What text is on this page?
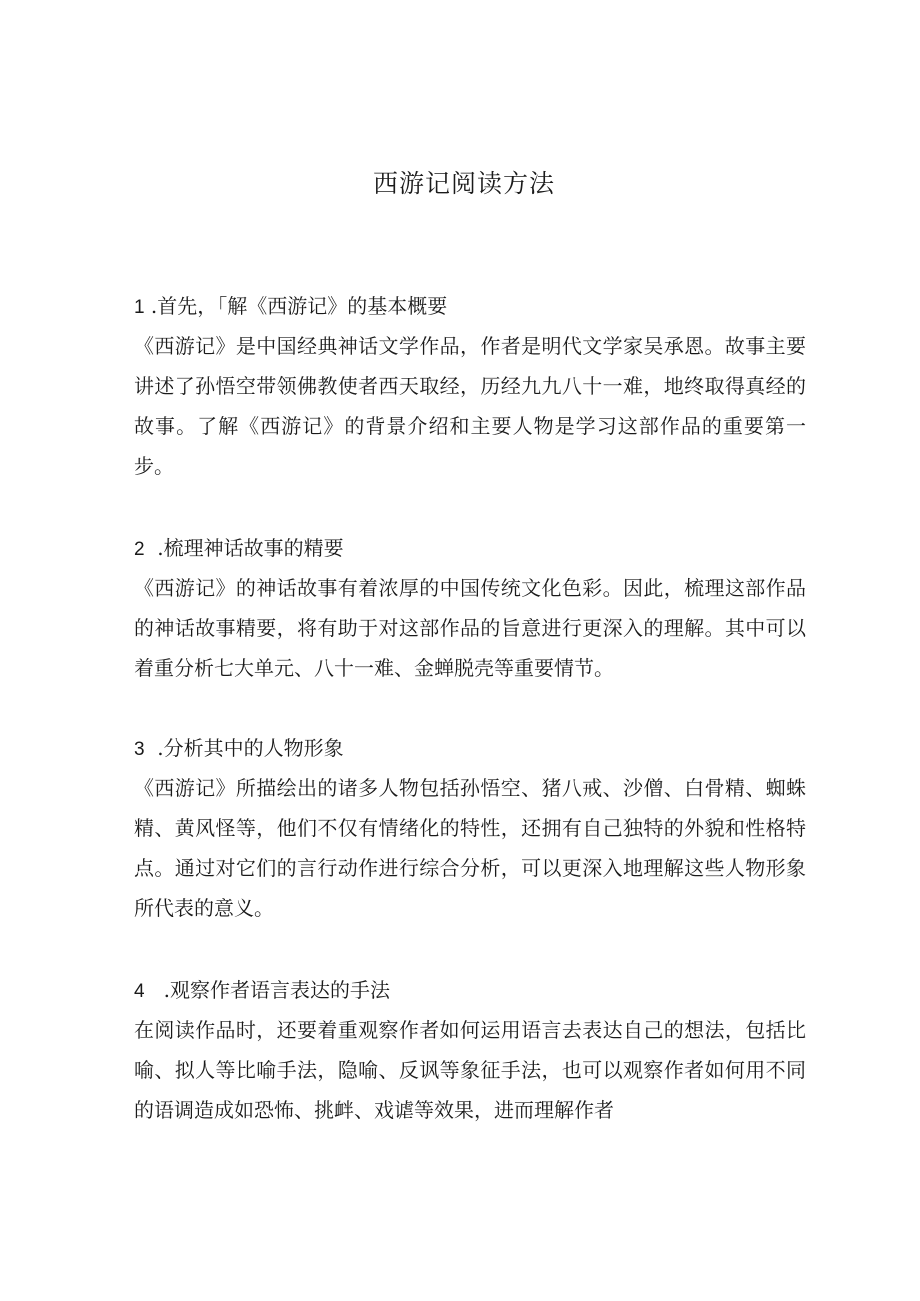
西游记阅读方法

1 .首先，「解《西游记》的基本概要

《西游记》是中国经典神话文学作品，作者是明代文学家吴承恩。故事主要讲述了孙悟空带领佛教使者西天取经，历经九九八十一难，地终取得真经的故事。了解《西游记》的背景介绍和主要人物是学习这部作品的重要第一步。

2  .梳理神话故事的精要

《西游记》的神话故事有着浓厚的中国传统文化色彩。因此，梳理这部作品的神话故事精要，将有助于对这部作品的旨意进行更深入的理解。其中可以着重分析七大单元、八十一难、金蝉脱壳等重要情节。

3  .分析其中的人物形象

《西游记》所描绘出的诸多人物包括孙悟空、猪八戒、沙僧、白骨精、蜘蛛精、黄风怪等，他们不仅有情绪化的特性，还拥有自己独特的外貌和性格特点。通过对它们的言行动作进行综合分析，可以更深入地理解这些人物形象所代表的意义。

4   .观察作者语言表达的手法

在阅读作品时，还要着重观察作者如何运用语言去表达自己的想法，包括比喻、拟人等比喻手法，隐喻、反讽等象征手法，也可以观察作者如何用不同的语调造成如恐怖、挑衅、戏谑等效果，进而理解作者
